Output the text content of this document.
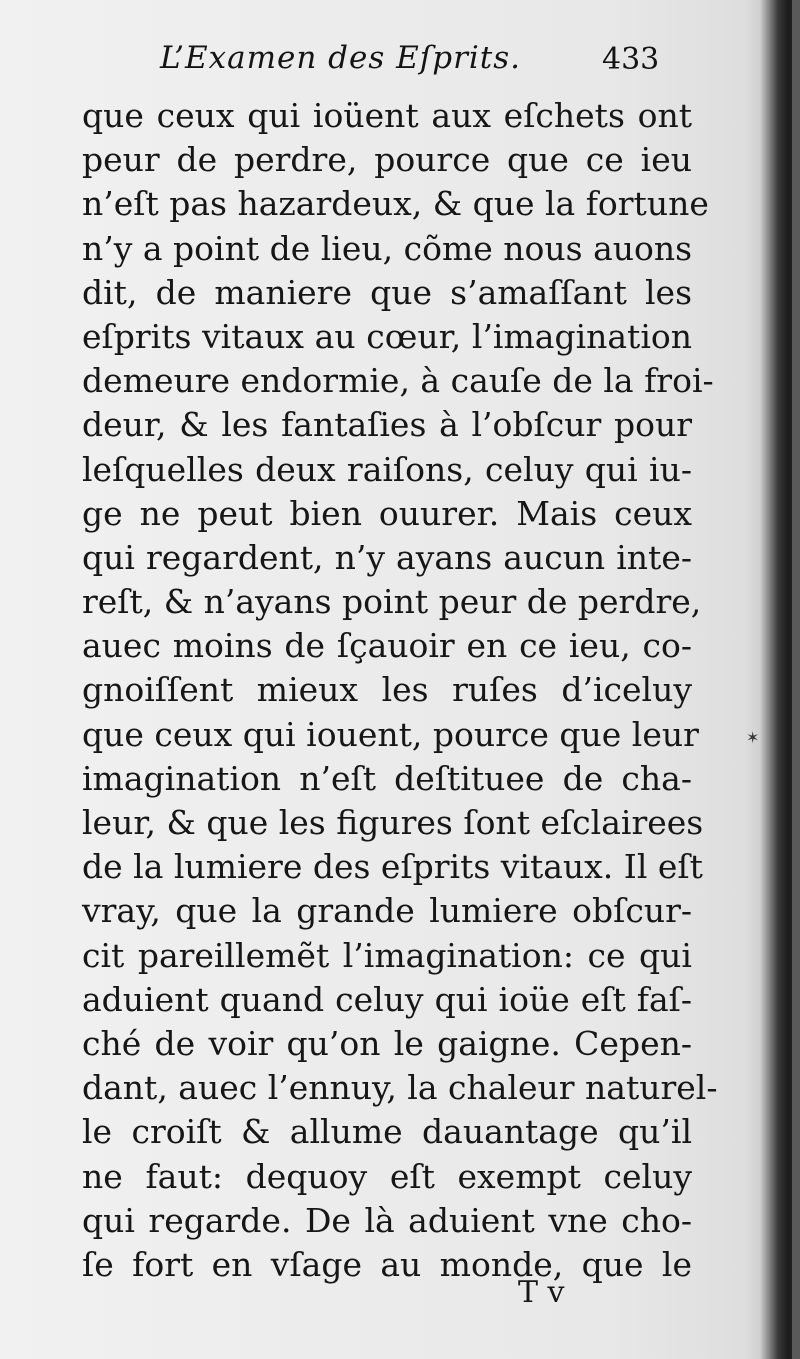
L’Examen des Eſprits.	433
que ceux qui ioüent aux eſchets ont
peur de perdre, pource que ce ieu
n’eſt pas hazardeux, & que la fortune
n’y a point de lieu, cõme nous auons
dit, de maniere que s’amaſſant les
eſprits vitaux au cœur, l’imagination
demeure endormie, à cauſe de la froi-
deur, & les fantaſies à l’obſcur pour
leſquelles deux raiſons, celuy qui iu-
ge ne peut bien ouurer. Mais ceux
qui regardent, n’y ayans aucun inte-
reſt, & n’ayans point peur de perdre,
auec moins de ſçauoir en ce ieu, co-
gnoiſſent mieux les ruſes d’iceluy
que ceux qui iouent, pource que leur
imagination n’eſt deſtituee de cha-
leur, & que les figures ſont eſclairees
de la lumiere des eſprits vitaux. Il eſt
vray, que la grande lumiere obſcur-
cit pareillemẽt l’imagination: ce qui
aduient quand celuy qui ioüe eſt faſ-
ché de voir qu’on le gaigne. Cepen-
dant, auec l’ennuy, la chaleur naturel-
le croiſt & allume dauantage qu’il
ne faut: dequoy eſt exempt celuy
qui regarde. De là aduient vne cho-
ſe fort en vſage au monde, que le
✶
T v
